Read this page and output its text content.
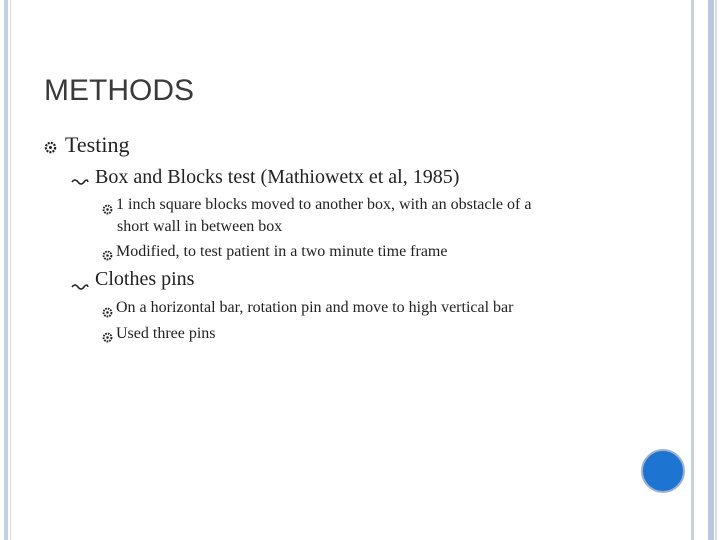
METHODS
Testing
Box and Blocks test (Mathiowetx et al, 1985)
1 inch square blocks moved to another box, with an obstacle of a
short wall in between box
Modified, to test patient in a two minute time frame
Clothes pins
On a horizontal bar, rotation pin and move to high vertical bar
Used three pins
